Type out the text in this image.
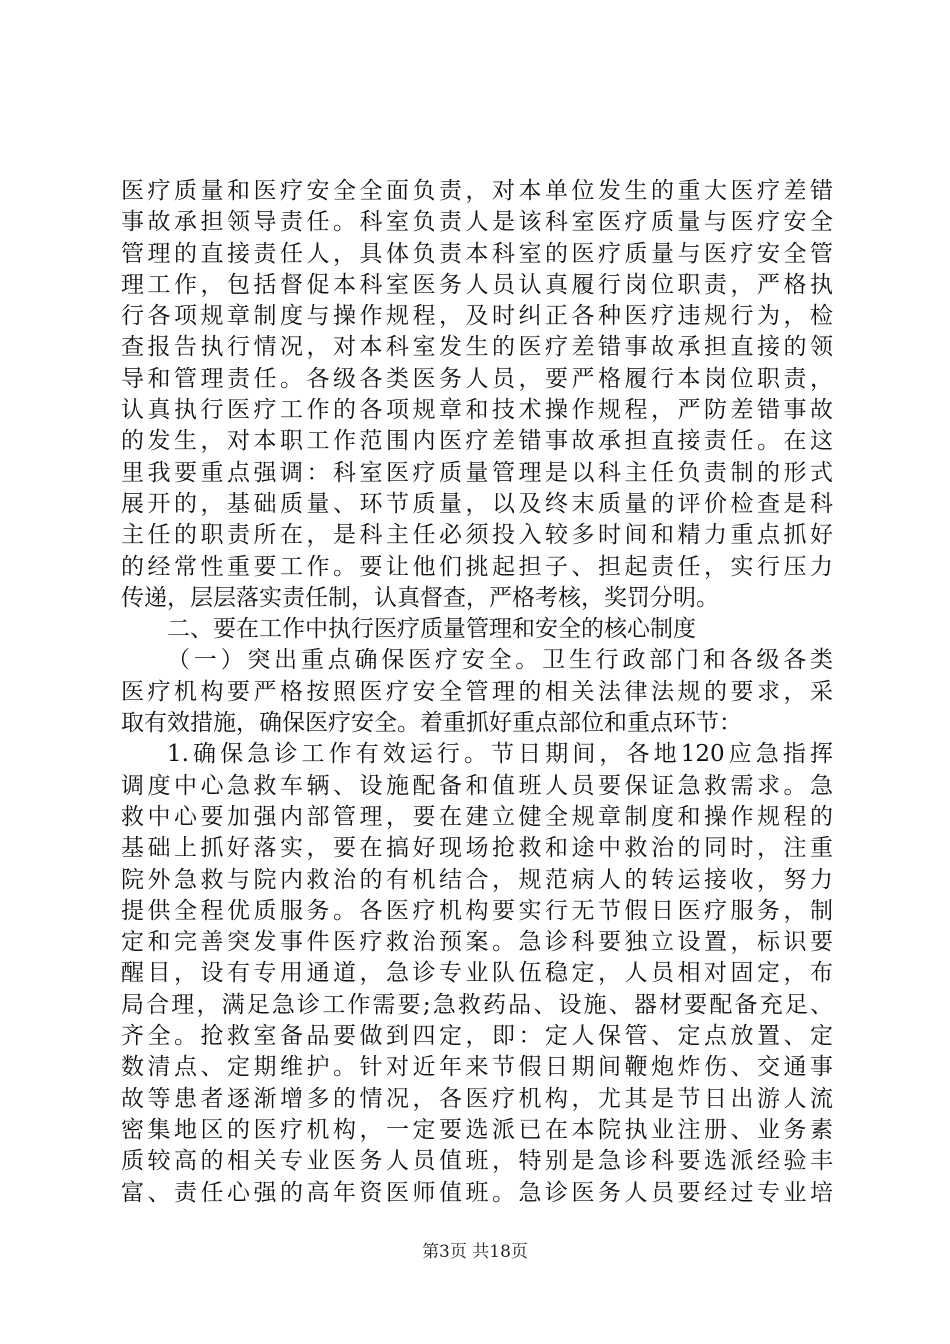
医疗质量和医疗安全全面负责，对本单位发生的重大医疗差错
事故承担领导责任。科室负责人是该科室医疗质量与医疗安全
管理的直接责任人，具体负责本科室的医疗质量与医疗安全管
理工作，包括督促本科室医务人员认真履行岗位职责，严格执
行各项规章制度与操作规程，及时纠正各种医疗违规行为，检
查报告执行情况，对本科室发生的医疗差错事故承担直接的领
导和管理责任。各级各类医务人员，要严格履行本岗位职责，
认真执行医疗工作的各项规章和技术操作规程，严防差错事故
的发生，对本职工作范围内医疗差错事故承担直接责任。在这
里我要重点强调：科室医疗质量管理是以科主任负责制的形式
展开的，基础质量、环节质量，以及终末质量的评价检查是科
主任的职责所在，是科主任必须投入较多时间和精力重点抓好
的经常性重要工作。要让他们挑起担子、担起责任，实行压力
传递，层层落实责任制，认真督查，严格考核，奖罚分明。
二、要在工作中执行医疗质量管理和安全的核心制度
（一）突出重点确保医疗安全。卫生行政部门和各级各类
医疗机构要严格按照医疗安全管理的相关法律法规的要求，采
取有效措施，确保医疗安全。着重抓好重点部位和重点环节：
1.确保急诊工作有效运行。节日期间，各地120应急指挥
调度中心急救车辆、设施配备和值班人员要保证急救需求。急
救中心要加强内部管理，要在建立健全规章制度和操作规程的
基础上抓好落实，要在搞好现场抢救和途中救治的同时，注重
院外急救与院内救治的有机结合，规范病人的转运接收，努力
提供全程优质服务。各医疗机构要实行无节假日医疗服务，制
定和完善突发事件医疗救治预案。急诊科要独立设置，标识要
醒目，设有专用通道，急诊专业队伍稳定，人员相对固定，布
局合理，满足急诊工作需要;急救药品、设施、器材要配备充足、
齐全。抢救室备品要做到四定，即：定人保管、定点放置、定
数清点、定期维护。针对近年来节假日期间鞭炮炸伤、交通事
故等患者逐渐增多的情况，各医疗机构，尤其是节日出游人流
密集地区的医疗机构，一定要选派已在本院执业注册、业务素
质较高的相关专业医务人员值班，特别是急诊科要选派经验丰
富、责任心强的高年资医师值班。急诊医务人员要经过专业培
第3页 共18页
